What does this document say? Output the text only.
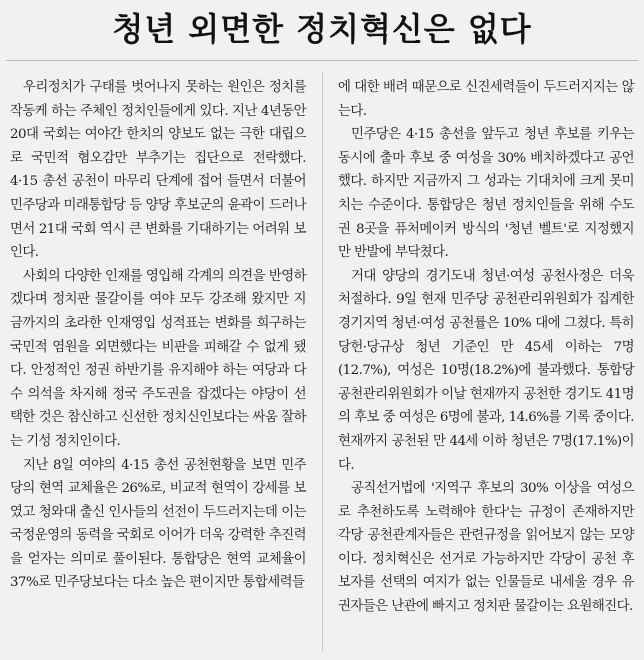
청년 외면한 정치혁신은 없다

우리정치가 구태를 벗어나지 못하는 원인은 정치를 작동케 하는 주체인 정치인들에게 있다. 지난 4년동안 20대 국회는 여야간 한치의 양보도 없는 극한 대립으로 국민적 혐오감만 부추기는 집단으로 전락했다. 4·15 총선 공천이 마무리 단계에 접어 들면서 더불어민주당과 미래통합당 등 양당 후보군의 윤곽이 드러나면서 21대 국회 역시 큰 변화를 기대하기는 어려워 보인다.

사회의 다양한 인재를 영입해 각계의 의견을 반영하겠다며 정치판 물갈이를 여야 모두 강조해 왔지만 지금까지의 초라한 인재영입 성적표는 변화를 희구하는 국민적 염원을 외면했다는 비판을 피해갈 수 없게 됐다. 안정적인 정권 하반기를 유지해야 하는 여당과 다수 의석을 차지해 정국 주도권을 잡겠다는 야당이 선택한 것은 참신하고 신선한 정치신인보다는 싸움 잘하는 기성 정치인이다.

지난 8일 여야의 4·15 총선 공천현황을 보면 민주당의 현역 교체율은 26%로, 비교적 현역이 강세를 보였고 청와대 출신 인사들의 선전이 두드러지는데 이는 국정운영의 동력을 국회로 이어가 더욱 강력한 추진력을 얻자는 의미로 풀이된다. 통합당은 현역 교체율이 37%로 민주당보다는 다소 높은 편이지만 통합세력들

에 대한 배려 때문으로 신진세력들이 두드러지지는 않는다.

민주당은 4·15 총선을 앞두고 청년 후보를 키우는 동시에 출마 후보 중 여성을 30% 배치하겠다고 공언했다. 하지만 지금까지 그 성과는 기대치에 크게 못미치는 수준이다. 통합당은 청년 정치인들을 위해 수도권 8곳을 퓨처메이커 방식의 '청년 벨트'로 지정했지만 반발에 부닥쳤다.

거대 양당의 경기도내 청년·여성 공천사정은 더욱 처절하다. 9일 현재 민주당 공천관리위원회가 집계한 경기지역 청년·여성 공천률은 10% 대에 그쳤다. 특히 당헌·당규상 청년 기준인 만 45세 이하는 7명(12.7%), 여성은 10명(18.2%)에 불과했다. 통합당 공천관리위원회가 이날 현재까지 공천한 경기도 41명의 후보 중 여성은 6명에 불과, 14.6%를 기록 중이다. 현재까지 공천된 만 44세 이하 청년은 7명(17.1%)이다.

공직선거법에 '지역구 후보의 30% 이상을 여성으로 추천하도록 노력해야 한다'는 규정이 존재하지만 각당 공천관계자들은 관련규정을 읽어보지 않는 모양이다. 정치혁신은 선거로 가능하지만 각당이 공천 후보자를 선택의 여지가 없는 인물들로 내세울 경우 유권자들은 난관에 빠지고 정치판 물갈이는 요원해진다.
